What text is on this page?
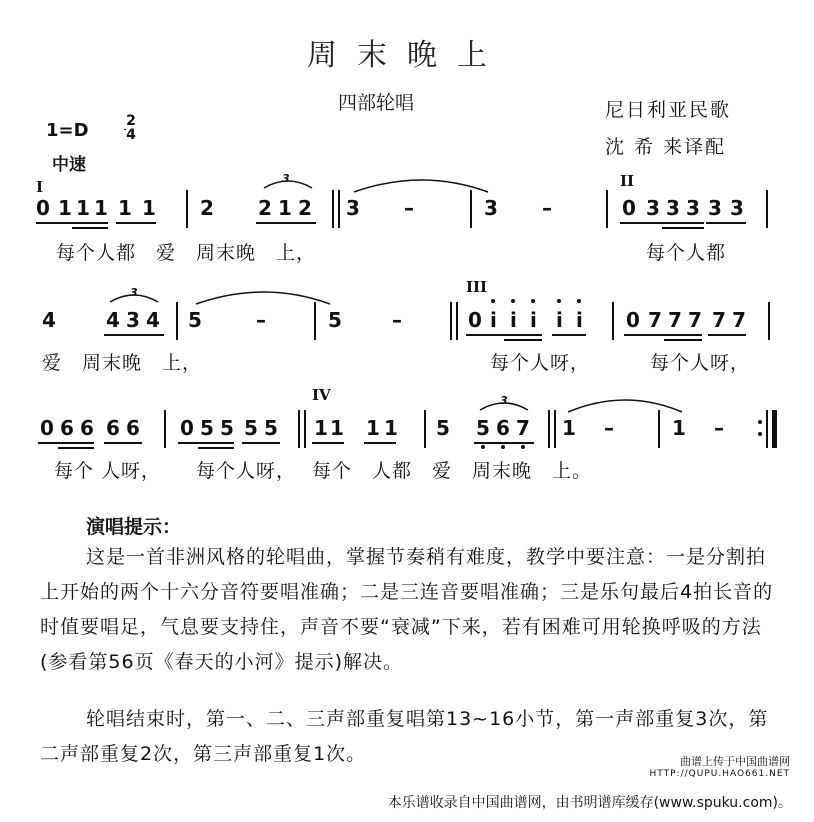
周末晚上
四部轮唱	尼日利亚民歌
沈 希 来译配
1=D	2
4
中速
I
0 1 1 1 1 1 2 2 1 2
3
3 –	3 –
II
0 3 3 3 3 3
每个人都　爱　周末晚　上，	每个人都
4	4 3 4
3
5	–	5	–
III
0 i i i i i 0 7 7 7 7 7
爱　周末晚　上，	每个人呀，	每个人呀，
0 6 6 6 6 0 5 5 5 5
IV
1 1 1 1 5 5 6 7
3
1 –	1 –
每个 人呀， 每个人呀， 每个　人都　爱　周末晚　上。
演唱提示：
这是一首非洲风格的轮唱曲，掌握节奏稍有难度，教学中要注意：一是分割拍上开始的两个十六分音符要唱准确；二是三连音要唱准确；三是乐句最后4拍长音的时值要唱足，气息要支持住，声音不要“衰减”下来，若有困难可用轮换呼吸的方法(参看第56页《春天的小河》提示)解决。
轮唱结束时，第一、二、三声部重复唱第13~16小节，第一声部重复3次，第二声部重复2次，第三声部重复1次。	曲谱上传于中国曲谱网
HTTP://QUPU.HAO661.NET
本乐谱收录自中国曲谱网，由书明谱库缓存(www.spuku.com)。
